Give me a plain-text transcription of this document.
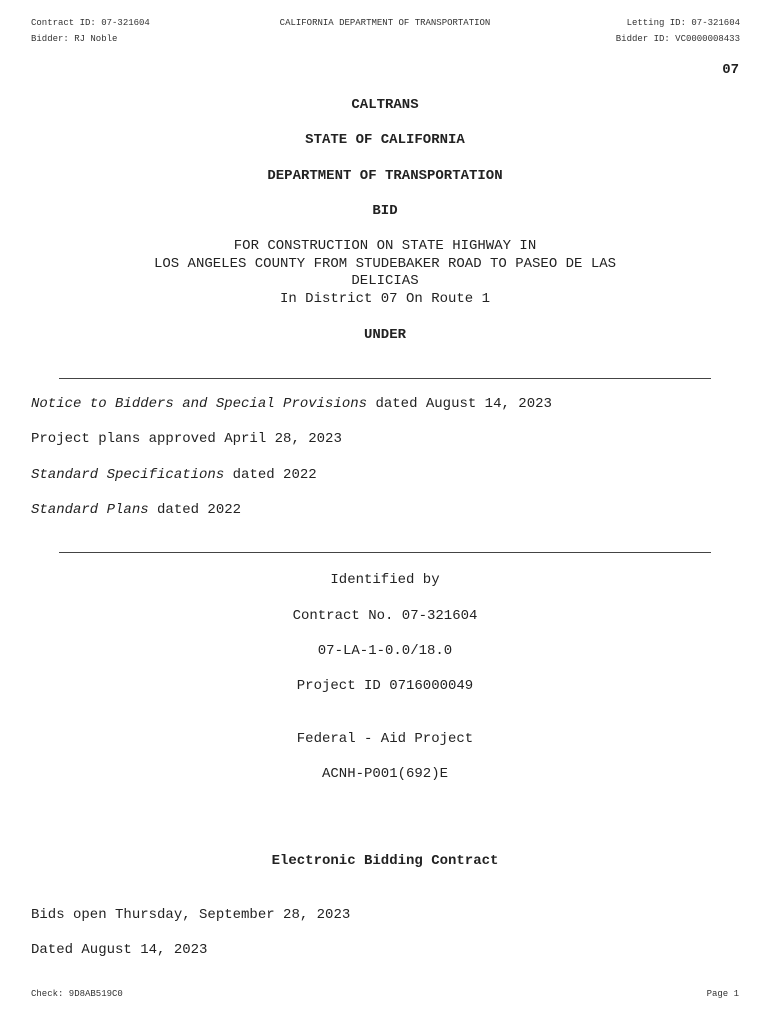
Contract ID: 07-321604
Bidder: RJ Noble
CALIFORNIA DEPARTMENT OF TRANSPORTATION	Letting ID: 07-321604
Bidder ID: VC0000008433
07
CALTRANS
STATE OF CALIFORNIA
DEPARTMENT OF TRANSPORTATION
BID
FOR CONSTRUCTION ON STATE HIGHWAY IN
LOS ANGELES COUNTY FROM STUDEBAKER ROAD TO PASEO DE LAS
DELICIAS
In District 07 On Route 1
UNDER
Notice to Bidders and Special Provisions dated August 14, 2023
Project plans approved April 28, 2023
Standard Specifications dated 2022
Standard Plans dated 2022
Identified by
Contract No. 07-321604
07-LA-1-0.0/18.0
Project ID 0716000049
Federal - Aid Project
ACNH-P001(692)E
Electronic Bidding Contract
Bids open Thursday, September 28, 2023
Dated August 14, 2023
Check: 9D8AB519C0	Page 1
